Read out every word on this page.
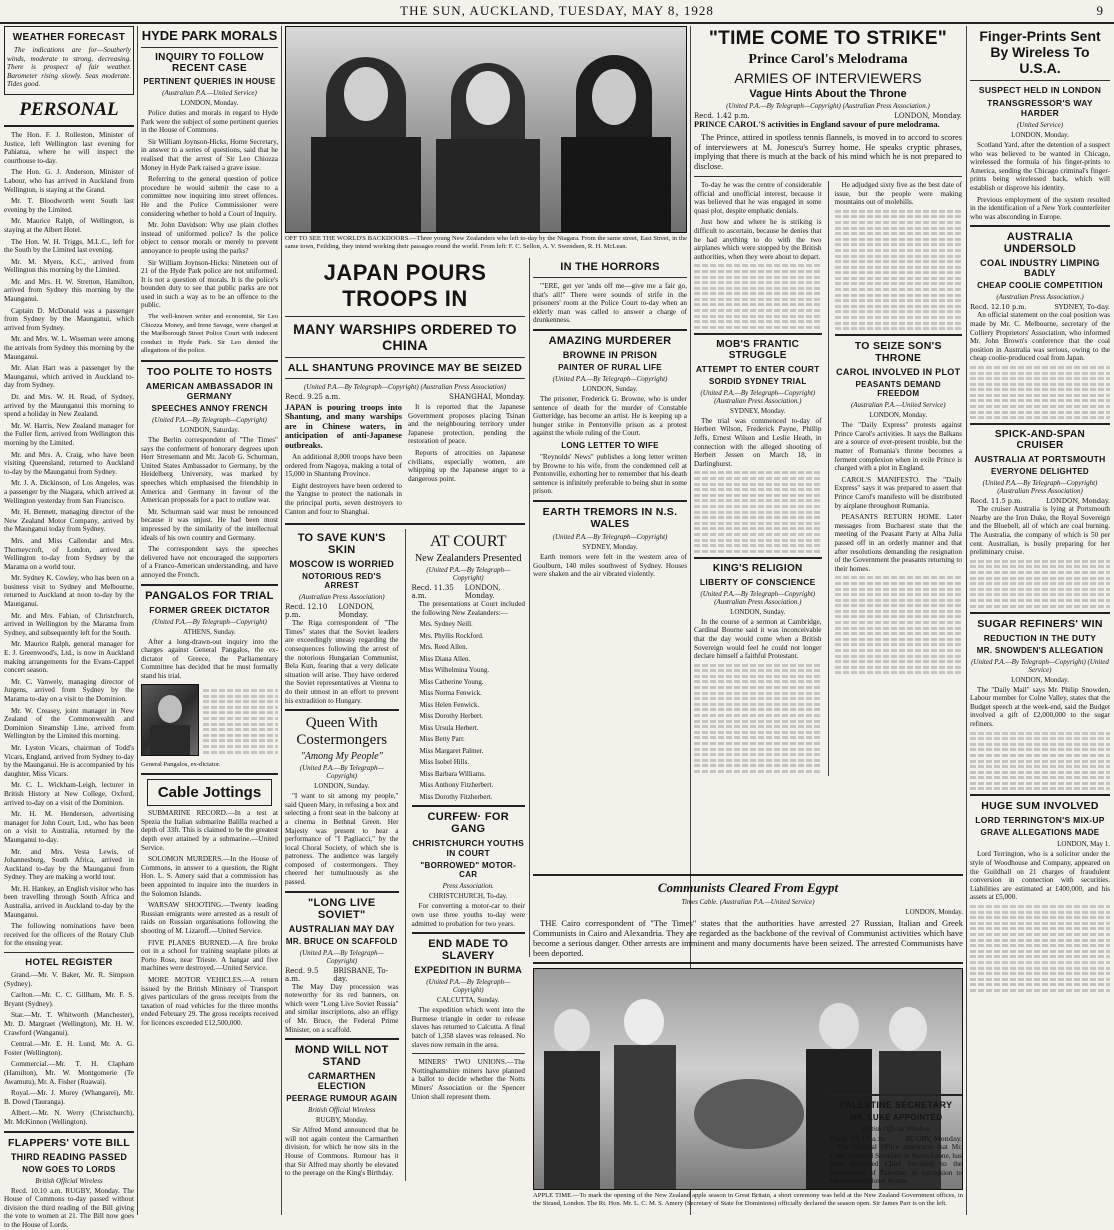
THE SUN, AUCKLAND, TUESDAY, MAY 8, 1928	9
WEATHER FORECAST

The indications are for—Southerly winds, moderate to strong, decreasing. There is prospect of fair weather. Barometer rising slowly. Seas moderate. Tides good.

PERSONAL

The Hon. F. J. Rolleston, Minister of Justice, left Wellington last evening for Pahiatua, where he will inspect the courthouse to-day.

The Hon. G. J. Anderson, Minister of Labour, who has arrived in Auckland from Wellington, is staying at the Grand.

Mr. T. Bloodworth went South last evening by the Limited.

Mr. Maurice Ralph, of Wellington, is staying at the Albert Hotel.

The Hon. W. H. Triggs, M.L.C., left for the South by the Limited last evening.

Mr. M. Myers, K.C., arrived from Wellington this morning by the Limited.

Mr. and Mrs. H. W. Stretton, Hamilton, arrived from Sydney this morning by the Maunganui.

Captain D. McDonald was a passenger from Sydney by the Maunganui, which arrived from Sydney.

Mr. and Mrs. W. L. Wiseman were among the arrivals from Sydney this morning by the Maunganui.

Mr. Alan Hart was a passenger by the Maunganui, which arrived in Auckland to-day from Sydney.

Dr. and Mrs. W. H. Read, of Sydney, arrived by the Maunganui this morning to spend a holiday in New Zealand.

Mr. W. Harris, New Zealand manager for the Fuller firm, arrived from Wellington this morning by the Limited.

Mr. and Mrs. A. Craig, who have been visiting Queensland, returned to Auckland to-day by the Maunganui from Sydney.

Mr. J. A. Dickinson, of Los Angeles, was a passenger by the Niagara, which arrived at Wellington yesterday from San Francisco.

Mr. H. Bennett, managing director of the New Zealand Motor Company, arrived by the Maunganui today from Sydney.

Mrs. and Miss Callendar and Mrs. Thorneycroft, of London, arrived at Wellington to-day from Sydney by the Marama on a world tour.

Mr. Sydney K. Cowley, who has been on a business visit to Sydney and Melbourne, returned to Auckland at noon to-day by the Maunganui.

Mr. and Mrs. Fabian, of Christchurch, arrived in Wellington by the Marama from Sydney, and subsequently left for the South.

Mr. Maurice Ralph, general manager for E. J. Greenwood's, Ltd., is now in Auckland making arrangements for the Evans-Cappel concert season.

Mr. C. Vanwely, managing director of Jurgens, arrived from Sydney by the Marama to-day on a visit to the Dominion.

Mr. W. Creasey, joint manager in New Zealand of the Commonwealth and Dominion Steamship Line, arrived from Wellington by the Limited this morning.

Mr. Lyston Vicars, chairman of Todd's Vicars, England, arrived from Sydney to-day by the Maunganui. He is accompanied by his daughter, Miss Vicars.

Mr. C. L. Wickham-Leigh, lecturer in British History at New College, Oxford, arrived to-day on a visit of the Dominion.

Mr. H. M. Henderson, advertising manager for John Court, Ltd., who has been on a visit to Australia, returned by the Maunganui to-day.

Mr. and Mrs. Vesta Lewis, of Johannesburg, South Africa, arrived in Auckland to-day by the Maunganui from Sydney. They are making a world tour.

Mr. H. Hankey, an English visitor who has been travelling through South Africa and Australia, arrived in Auckland to-day by the Maunganui.

The following nominations have been received for the officers of the Rotary Club for the ensuing year.

HOTEL REGISTER

Grand.—Mr. V. Baker, Mr. R. Simpson (Sydney).

Carlton.—Mr. C. C. Gillham, Mr. F. S. Bryant (Sydney).

Star.—Mr. T. Whitworth (Manchester), Mr. D. Margraet (Wellington), Mr. H. W. Crawford (Wanganui).

Central.—Mr. E. H. Lund, Mr. A. G. Foster (Wellington).

Commercial.—Mr. T. H. Clapham (Hamilton), Mr. W. Montgomerie (Te Awamutu), Mr. A. Fisher (Ruawai).

Royal.—Mr. J. Morey (Whangarei), Mr. B. Dowd (Tauranga).

Albert.—Mr. N. Werry (Christchurch), Mr. McKinnon (Wellington).

FLAPPERS' VOTE BILL
THIRD READING PASSED
NOW GOES TO LORDS
British Official Wireless

Recd. 10.10 a.m. RUGBY, Monday. The House of Commons to-day passed without division the third reading of the Bill giving the vote to women at 21. The Bill now goes to the House of Lords.

HYDE PARK MORALS
INQUIRY TO FOLLOW RECENT CASE
PERTINENT QUERIES IN HOUSE
(Australian P.A.—United Service)
LONDON, Monday.

Police duties and morals in regard to Hyde Park were the subject of some pertinent queries in the House of Commons.

Sir William Joynson-Hicks, Home Secretary, in answer to a series of questions, said that he realised that the arrest of Sir Leo Chiozza Money in Hyde Park raised a grave issue.

Referring to the general question of police procedure he would submit the case to a committee now inquiring into street offences. He and the Police Commissioner were considering whether to hold a Court of Inquiry.

Mr. John Davidson: Why use plain clothes instead of uniformed police? Is the police object to censor morals or merely to prevent annoyance to people using the parks?

Sir William Joynson-Hicks: Nineteen out of 21 of the Hyde Park police are not uniformed. It is not a question of morals. It is the police's bounden duty to see that public parks are not used in such a way as to be an offence to the public.

The well-known writer and economist, Sir Leo Chiozza Money, and Irene Savage, were charged at the Marlborough Street Police Court with indecent conduct in Hyde Park. Sir Leo denied the allegations of the police.

TOO POLITE TO HOSTS
AMERICAN AMBASSADOR IN GERMANY
SPEECHES ANNOY FRENCH
(United P.A.—By Telegraph—Copyright)
LONDON, Saturday.

The Berlin correspondent of "The Times" says the conferment of honorary degrees upon Herr Stresemann and Mr. Jacob G. Schurman, United States Ambassador to Germany, by the Heidelberg University, was marked by speeches which emphasised the friendship in America and Germany in favour of the American proposals for a pact to outlaw war.

Mr. Schurman said war must be renounced because it was unjust. He had been most impressed by the similarity of the intellectual ideals of his own country and Germany.

The correspondent says the speeches delivered have not encouraged the supporters of a Franco-American understanding, and have annoyed the French.

PANGALOS FOR TRIAL
FORMER GREEK DICTATOR
(United P.A.—By Telegraph—Copyright)
ATHENS, Sunday.

After a long-drawn-out inquiry into the charges against General Pangalos, the ex-dictator of Greece, the Parliamentary Committee has decided that he must formally stand his trial.

General Pangalos, ex-dictator.
Cable Jottings

SUBMARINE RECORD.—In a test at Spezia the Italian submarine Balilla reached a depth of 33ft. This is claimed to be the greatest depth ever attained by a submarine.—United Service.

SOLOMON MURDERS.—In the House of Commons, in answer to a question, the Right Hon. L. S. Amery said that a commission has been appointed to inquire into the murders in the Solomon Islands.

WARSAW SHOOTING.—Twenty leading Russian emigrants were arrested as a result of raids on Russian organisations following the shooting of M. Lizaroff.—United Service.

FIVE PLANES BURNED.—A fire broke out in a school for training seaplane pilots at Porto Rose, near Trieste. A hangar and five machines were destroyed.—United Service.

MORE MOTOR VEHICLES.—A return issued by the British Ministry of Transport gives particulars of the gross receipts from the taxation of road vehicles for the three months ended February 29. The gross receipts received for licences exceeded £12,500,000.

OFF TO SEE THE WORLD'S BACKDOORS.—Three young New Zealanders who left to-day by the Niagara. From the same street, East Street, in the same town, Feilding, they intend working their passages round the world. From left: F. C. Sellon, A. V. Swendsen, R. H. McLean.
JAPAN POURS TROOPS IN
MANY WARSHIPS ORDERED TO CHINA
ALL SHANTUNG PROVINCE MAY BE SEIZED
(United P.A.—By Telegraph—Copyright) (Australian Press Association)
Recd. 9.25 a.m.	SHANGHAI, Monday.

JAPAN is pouring troops into Shantung, and many warships are in Chinese waters, in anticipation of anti-Japanese outbreaks.

An additional 8,000 troops have been ordered from Nagoya, making a total of 15,000 in Shantung Province.

Eight destroyers have been ordered to the Yangtse to protect the nationals in the principal ports, seven destroyers to Canton and four to Shanghai.

It is reported that the Japanese Government proposes placing Tsinan and the neighbouring territory under Japanese protection, pending the restoration of peace.

Reports of atrocities on Japanese civilians, especially women, are whipping up the Japanese anger to a dangerous point.

TO SAVE KUN'S SKIN
MOSCOW IS WORRIED
NOTORIOUS RED'S ARREST
(Australian Press Association)
Recd. 12.10 p.m.
LONDON, Monday.

The Riga correspondent of "The Times" states that the Soviet leaders are exceedingly uneasy regarding the consequences following the arrest of the notorious Hungarian Communist, Bela Kun, fearing that a very delicate situation will arise. They have ordered the Soviet representatives at Vienna to do their utmost in an effort to prevent his extradition to Hungary.

Queen With Costermongers
"Among My People"
(United P.A.—By Telegraph—Copyright)
LONDON, Sunday.

"I want to sit among my people," said Queen Mary, in refusing a box and selecting a front seat in the balcony at a cinema in Bethnal Green. Her Majesty was present to hear a performance of "I Pagliacci," by the local Choral Society, of which she is patroness. The audience was largely composed of costermongers. They cheered her tumultuously as she passed.

"LONG LIVE SOVIET"
AUSTRALIAN MAY DAY
MR. BRUCE ON SCAFFOLD
(United P.A.—By Telegraph—Copyright)
Recd. 9.5 a.m.
BRISBANE, To-day.

The May Day procession was noteworthy for its red banners, on which were "Long Live Soviet Russia" and similar inscriptions, also an effigy of Mr. Bruce, the Federal Prime Minister, on a scaffold.

MOND WILL NOT STAND
CARMARTHEN ELECTION
PEERAGE RUMOUR AGAIN
British Official Wireless
RUGBY, Monday.

Sir Alfred Mond announced that he will not again contest the Carmarthen division, for which he now sits in the House of Commons. Rumour has it that Sir Alfred may shortly be elevated to the peerage on the King's Birthday.

AT COURT
New Zealanders Presented
(United P.A.—By Telegraph—Copyright)
Recd. 11.35 a.m.
LONDON, Monday.

The presentations at Court included the following New Zealanders:—

Mrs. Sydney Neill.
Mrs. Phyllis Rockford.
Mrs. Reed Allen.
Miss Diana Allen.
Miss Wilhelmina Young.
Miss Catherine Young.
Miss Norma Fenwick.
Miss Helen Fenwick.
Miss Dorothy Herbert.
Miss Ursula Herbert.
Miss Betty Parr.
Miss Margaret Palmer.
Miss Isobel Hills.
Miss Barbara Williams.
Miss Anthony Fitzherbert.
Miss Dorothy Fitzherbert.
CURFEW· FOR GANG
CHRISTCHURCH YOUTHS IN COURT
"BORROWED" MOTOR-CAR
Press Association.
CHRISTCHURCH, To-day.

For converting a motor-car to their own use three youths to-day were admitted to probation for two years.

END MADE TO SLAVERY
EXPEDITION IN BURMA
(United P.A.—By Telegraph—Copyright)
CALCUTTA, Sunday.

The expedition which went into the Burmese triangle in order to release slaves has returned to Calcutta. A final batch of 1,358 slaves was released. No slaves now remain in the area.

MINERS' TWO UNIONS.—The Nottinghamshire miners have planned a ballot to decide whether the Notts Miners' Association or the Spencer Union shall represent them.

IN THE HORRORS

"'ERE, get yer 'ands off me—give me a fair go, that's all!" There were sounds of strife in the prisoners' room at the Police Court to-day when an elderly man was called to answer a charge of drunkenness.

AMAZING MURDERER
BROWNE IN PRISON
PAINTER OF RURAL LIFE
(United P.A.—By Telegraph—Copyright)
LONDON, Sunday.

The prisoner, Frederick G. Browne, who is under sentence of death for the murder of Constable Gutteridge, has become an artist. He is keeping up a hunger strike in Pentonville prison as a protest against the whole ruling of the Court.

LONG LETTER TO WIFE

"Reynolds' News" publishes a long letter written by Browne to his wife, from the condemned cell at Pentonville, exhorting her to remember that his death sentence is infinitely preferable to being shut in some prison.

EARTH TREMORS IN N.S. WALES
(United P.A.—By Telegraph—Copyright)
SYDNEY, Monday.

Earth tremors were felt in the western area of Goulburn, 140 miles southwest of Sydney. Houses were shaken and the air vibrated violently.

Communists Cleared From Egypt
Times Cable. (Australian P.A.—United Service)
LONDON, Monday.

THE Cairo correspondent of "The Times" states that the authorities have arrested 27 Russian, Italian and Greek Communists in Cairo and Alexandria. They are regarded as the backbone of the revival of Communist activities which have become a serious danger. Other arrests are imminent and many documents have been seized. The arrested Communists have been deported.

APPLE TIME.—To mark the opening of the New Zealand apple season in Great Britain, a short ceremony was held at the New Zealand Government offices, in the Strand, London. The Rt. Hon. Mr. L. C. M. S. Amery (Secretary of State for Dominions) officially declared the season open. Sir James Parr is on the left.
"TIME COME TO STRIKE"
Prince Carol's Melodrama
ARMIES OF INTERVIEWERS
Vague Hints About the Throne
(United P.A.—By Telegraph—Copyright) (Australian Press Association.)
Recd. 1.42 p.m.	LONDON, Monday.

PRINCE CAROL'S activities in England savour of pure melodrama.

The Prince, attired in spotless tennis flannels, is moved in to accord to scores of interviewers at M. Jonescu's Surrey home. He speaks cryptic phrases, implying that there is much at the back of his mind which he is not prepared to disclose.

To-day he was the centre of considerable official and unofficial interest, because it was believed that he was engaged in some quasi plot, despite emphatic denials.

Just how and where he is striking is difficult to ascertain, because he denies that he had anything to do with the two airplanes which were stopped by the British authorities, when they were about to depart.

MOB'S FRANTIC STRUGGLE
ATTEMPT TO ENTER COURT
SORDID SYDNEY TRIAL
(United P.A.—By Telegraph—Copyright) (Australian Press Association.)
SYDNEY, Monday.

The trial was commenced to-day of Herbert Wilson, Frederick Payne, Phillip Jeffs, Ernest Wilson and Leslie Heath, in connection with the alleged shooting of Herbert Jessen on March 18, in Darlinghurst.

KING'S RELIGION
LIBERTY OF CONSCIENCE
(United P.A.—By Telegraph—Copyright) (Australian Press Association.)
LONDON, Sunday.

In the course of a sermon at Cambridge, Cardinal Bourne said it was inconceivable that the day would come when a British Sovereign would feel he could not longer declare himself a faithful Protestant.

He adjudged sixty five as the best date of issue, but the people were making mountains out of molehills.

TO SEIZE SON'S THRONE
CAROL INVOLVED IN PLOT
PEASANTS DEMAND FREEDOM
(Australian P.A.—United Service)
LONDON, Monday.

The "Daily Express" protests against Prince Carol's activities. It says the Balkans are a source of ever-present trouble, but the matter of Rumania's throne becomes a ferment complexion when in exile Prince is charged with a plot in England.

CAROL'S MANIFESTO. The "Daily Express" says it was prepared to assert that Prince Carol's manifesto will be distributed by airplane throughout Rumania.

PEASANTS RETURN HOME. Later messages from Bucharest state that the meeting of the Peasant Party at Alba Julia passed off in an orderly manner and that after resolutions demanding the resignation of the Government the peasants returning to their homes.

PALESTINE SECRETARY
MR. LUKE APPOINTED
British Official Wireless
Recd. 10.10 a.m.	RUGBY, Monday.

The Colonial Office announces that Mr. Luke, Colonial Secretary in Sierra Leone, has been appointed Chief Secretary to the Government of Palestine, in succession to Lieutenant-Colonel Symes.

Finger-Prints Sent By Wireless To U.S.A.
SUSPECT HELD IN LONDON
TRANSGRESSOR'S WAY HARDER
(United Service)
LONDON, Monday.

Scotland Yard, after the detention of a suspect who was believed to be wanted in Chicago, wirelessed the formula of his finger-prints to America, sending the Chicago criminal's finger-prints being wirelessed back, which will establish or disprove his identity.

Previous employment of the system resulted in the identification of a New York counterfeiter who was absconding in Europe.

AUSTRALIA UNDERSOLD
COAL INDUSTRY LIMPING BADLY
CHEAP COOLIE COMPETITION
(Australian Press Association.)
Recd. 12.10 p.m.	SYDNEY, To-day.

An official statement on the coal position was made by Mr. C. Melbourne, secretary of the Colliery Proprietors' Association, who informed Mr. John Brown's conference that the coal position in Australia was serious, owing to the cheap coolie-produced coal from Japan.

SPICK-AND-SPAN CRUISER
AUSTRALIA AT PORTSMOUTH
EVERYONE DELIGHTED
(United P.A.—By Telegraph—Copyright) (Australian Press Association)
Recd. 11.5 p.m.	LONDON, Monday.

The cruiser Australia is lying at Portsmouth Nearby are the Iron Duke, the Royal Sovereign and the Bluebell, all of which are coal burning. The Australia, the company of which is 50 per cent. Australian, is busily preparing for her preliminary cruise.

SUGAR REFINERS' WIN
REDUCTION IN THE DUTY
MR. SNOWDEN'S ALLEGATION
(United P.A.—By Telegraph—Copyright) (United Service)
LONDON, Monday.

The "Daily Mail" says Mr. Philip Snowden, Labour member for Colne Valley, states that the Budget speech at the week-end, said the Budget involved a gift of £2,000,000 to the sugar refiners.

HUGE SUM INVOLVED
LORD TERRINGTON'S MIX-UP
GRAVE ALLEGATIONS MADE
LONDON, May 1.

Lord Terrington, who is a solicitor under the style of Woodhouse and Company, appeared on the Guildhall on 21 charges of fraudulent conversion in connection with securities. Liabilities are estimated at £400,000, and his assets at £5,000.
